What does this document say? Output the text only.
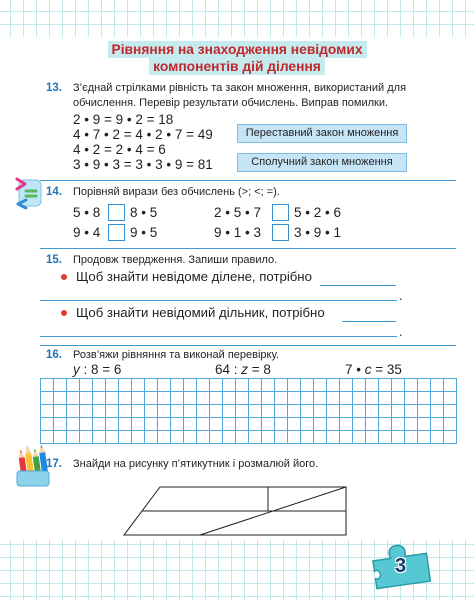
Рівняння на знаходження невідомих
компонентів дій ділення
13. З’єднай стрілками рівність та закон множення, використаний для
обчислення. Перевір результати обчислень. Виправ помилки.
2 • 9 = 9 • 2 = 18
4 • 7 • 2 = 4 • 2 • 7 = 49
4 • 2 = 2 • 4 = 6
3 • 9 • 3 = 3 • 3 • 9 = 81
Переставний закон множення
Сполучний закон множення
14. Порівняй вирази без обчислень (>; <; =).
5 • 8 8 • 5	2 • 5 • 7 5 • 2 • 6
9 • 4 9 • 5	9 • 1 • 3 3 • 9 • 1
15. Продовж твердження. Запиши правило.
Щоб знайти невідоме ділене, потрібно
.
Щоб знайти невідомий дільник, потрібно
.
16. Розв’яжи рівняння та виконай перевірку.
y : 8 = 6	64 : z = 8	7 • c = 35
17. Знайди на рисунку п’ятикутник і розмалюй його.
3
